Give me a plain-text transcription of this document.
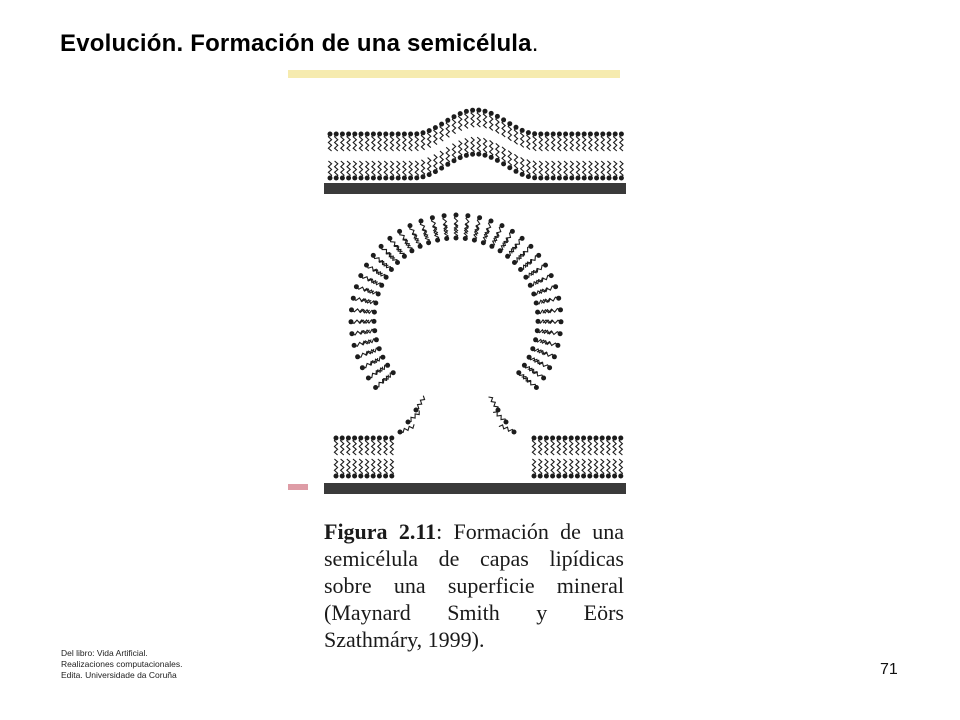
Evolución. Formación de una semicélula.
Figura 2.11: Formación de una semicélula de capas lipídicas sobre una superficie mineral (Maynard Smith y Eörs Szathmáry, 1999).
Del libro: Vida Artificial.
Realizaciones computacionales.
Edita. Universidade da Coruña	71
